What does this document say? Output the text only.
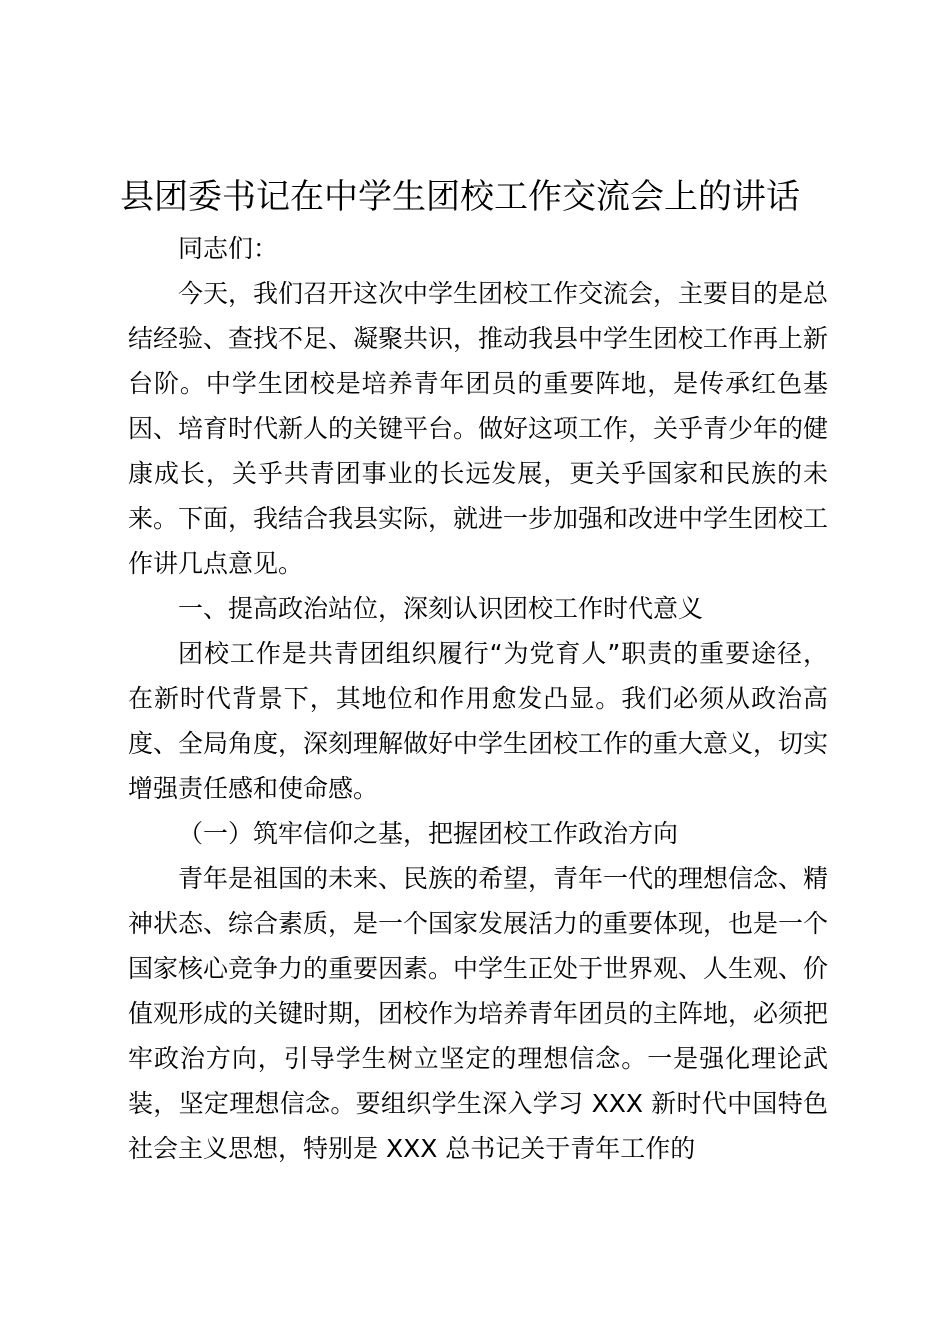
县团委书记在中学生团校工作交流会上的讲话

同志们：

今天，我们召开这次中学生团校工作交流会，主要目的是总结经验、查找不足、凝聚共识，推动我县中学生团校工作再上新台阶。中学生团校是培养青年团员的重要阵地，是传承红色基因、培育时代新人的关键平台。做好这项工作，关乎青少年的健康成长，关乎共青团事业的长远发展，更关乎国家和民族的未来。下面，我结合我县实际，就进一步加强和改进中学生团校工作讲几点意见。

一、提高政治站位，深刻认识团校工作时代意义

团校工作是共青团组织履行“为党育人”职责的重要途径，在新时代背景下，其地位和作用愈发凸显。我们必须从政治高度、全局角度，深刻理解做好中学生团校工作的重大意义，切实增强责任感和使命感。

（一）筑牢信仰之基，把握团校工作政治方向

青年是祖国的未来、民族的希望，青年一代的理想信念、精神状态、综合素质，是一个国家发展活力的重要体现，也是一个国家核心竞争力的重要因素。中学生正处于世界观、人生观、价值观形成的关键时期，团校作为培养青年团员的主阵地，必须把牢政治方向，引导学生树立坚定的理想信念。一是强化理论武装，坚定理想信念。要组织学生深入学习 XXX 新时代中国特色社会主义思想，特别是 XXX 总书记关于青年工作的
